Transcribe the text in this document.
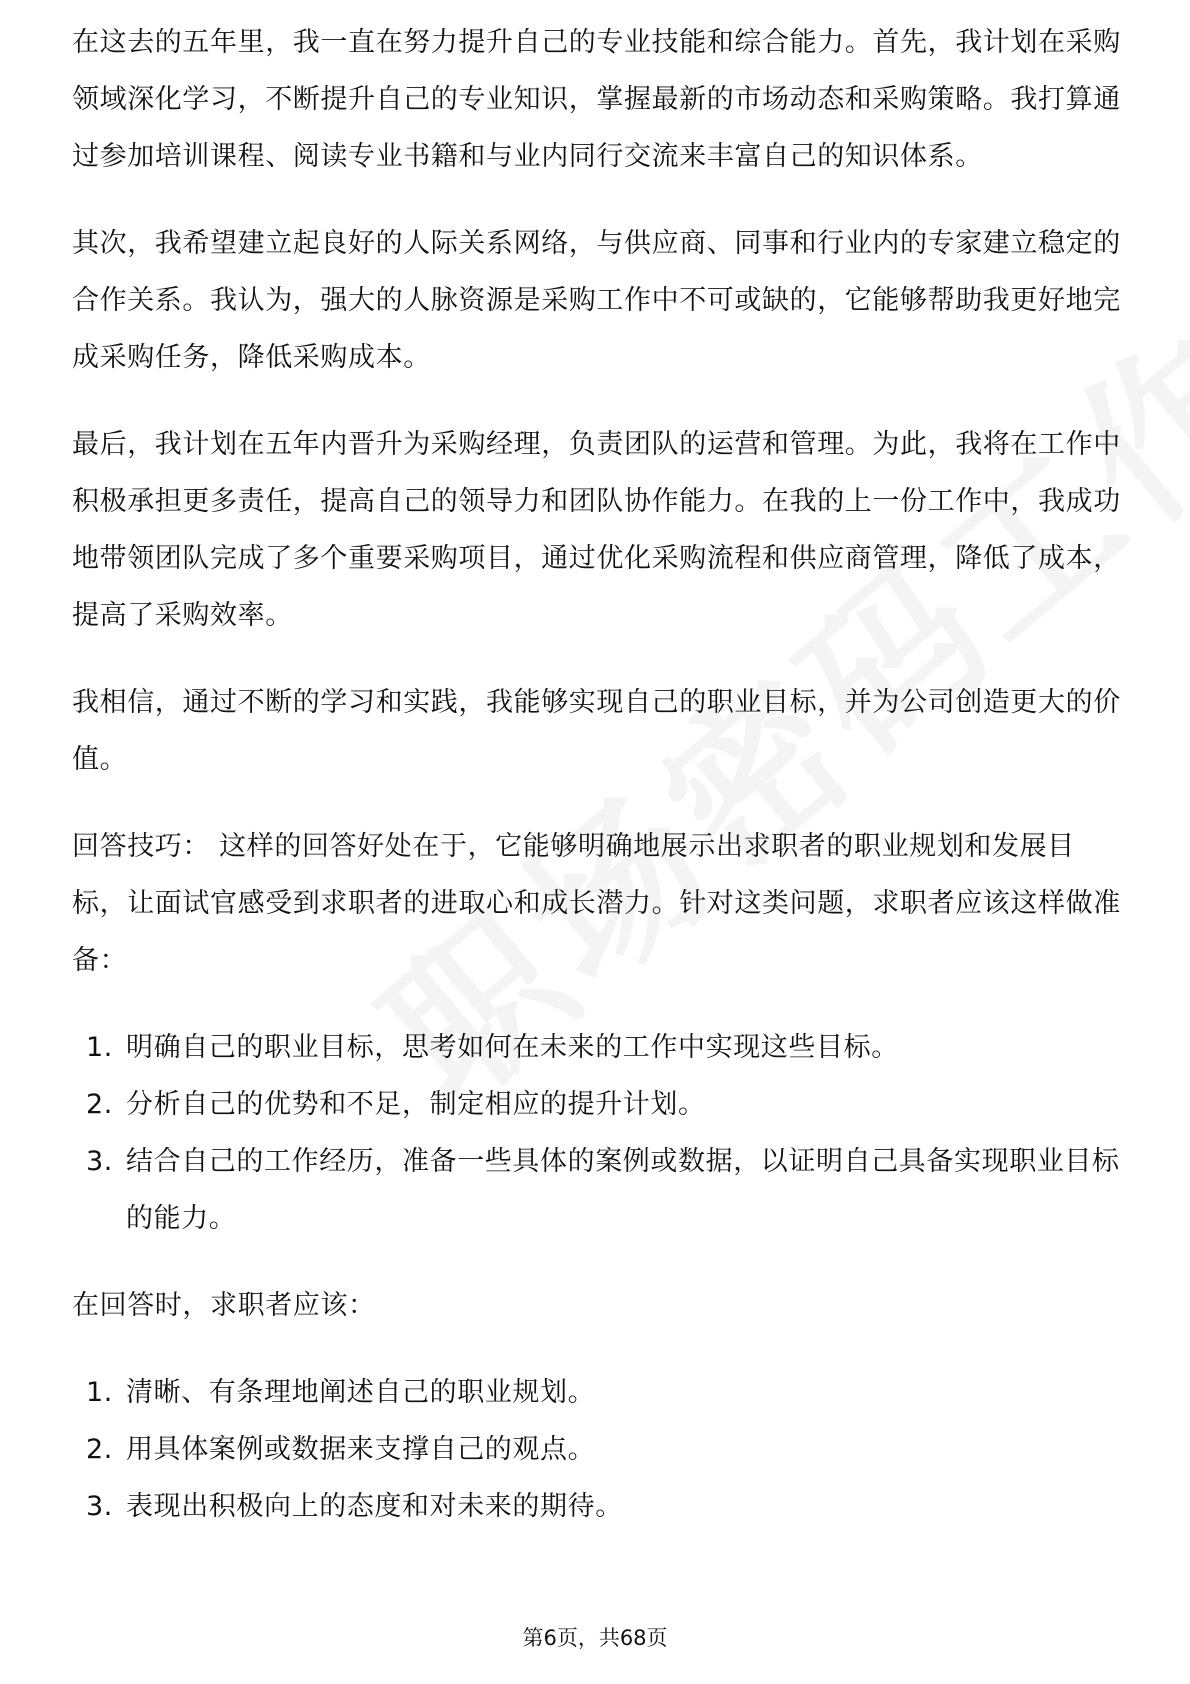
在这去的五年里，我一直在努力提升自己的专业技能和综合能力。首先，我计划在采购领域深化学习，不断提升自己的专业知识，掌握最新的市场动态和采购策略。我打算通过参加培训课程、阅读专业书籍和与业内同行交流来丰富自己的知识体系。

其次，我希望建立起良好的人际关系网络，与供应商、同事和行业内的专家建立稳定的合作关系。我认为，强大的人脉资源是采购工作中不可或缺的，它能够帮助我更好地完成采购任务，降低采购成本。

最后，我计划在五年内晋升为采购经理，负责团队的运营和管理。为此，我将在工作中积极承担更多责任，提高自己的领导力和团队协作能力。在我的上一份工作中，我成功地带领团队完成了多个重要采购项目，通过优化采购流程和供应商管理，降低了成本，提高了采购效率。

我相信，通过不断的学习和实践，我能够实现自己的职业目标，并为公司创造更大的价值。

回答技巧： 这样的回答好处在于，它能够明确地展示出求职者的职业规划和发展目标，让面试官感受到求职者的进取心和成长潜力。针对这类问题，求职者应该这样做准备：

1. 明确自己的职业目标，思考如何在未来的工作中实现这些目标。
2. 分析自己的优势和不足，制定相应的提升计划。
3. 结合自己的工作经历，准备一些具体的案例或数据，以证明自己具备实现职业目标的能力。

在回答时，求职者应该：

1. 清晰、有条理地阐述自己的职业规划。
2. 用具体案例或数据来支撑自己的观点。
3. 表现出积极向上的态度和对未来的期待。
第6页，共68页
